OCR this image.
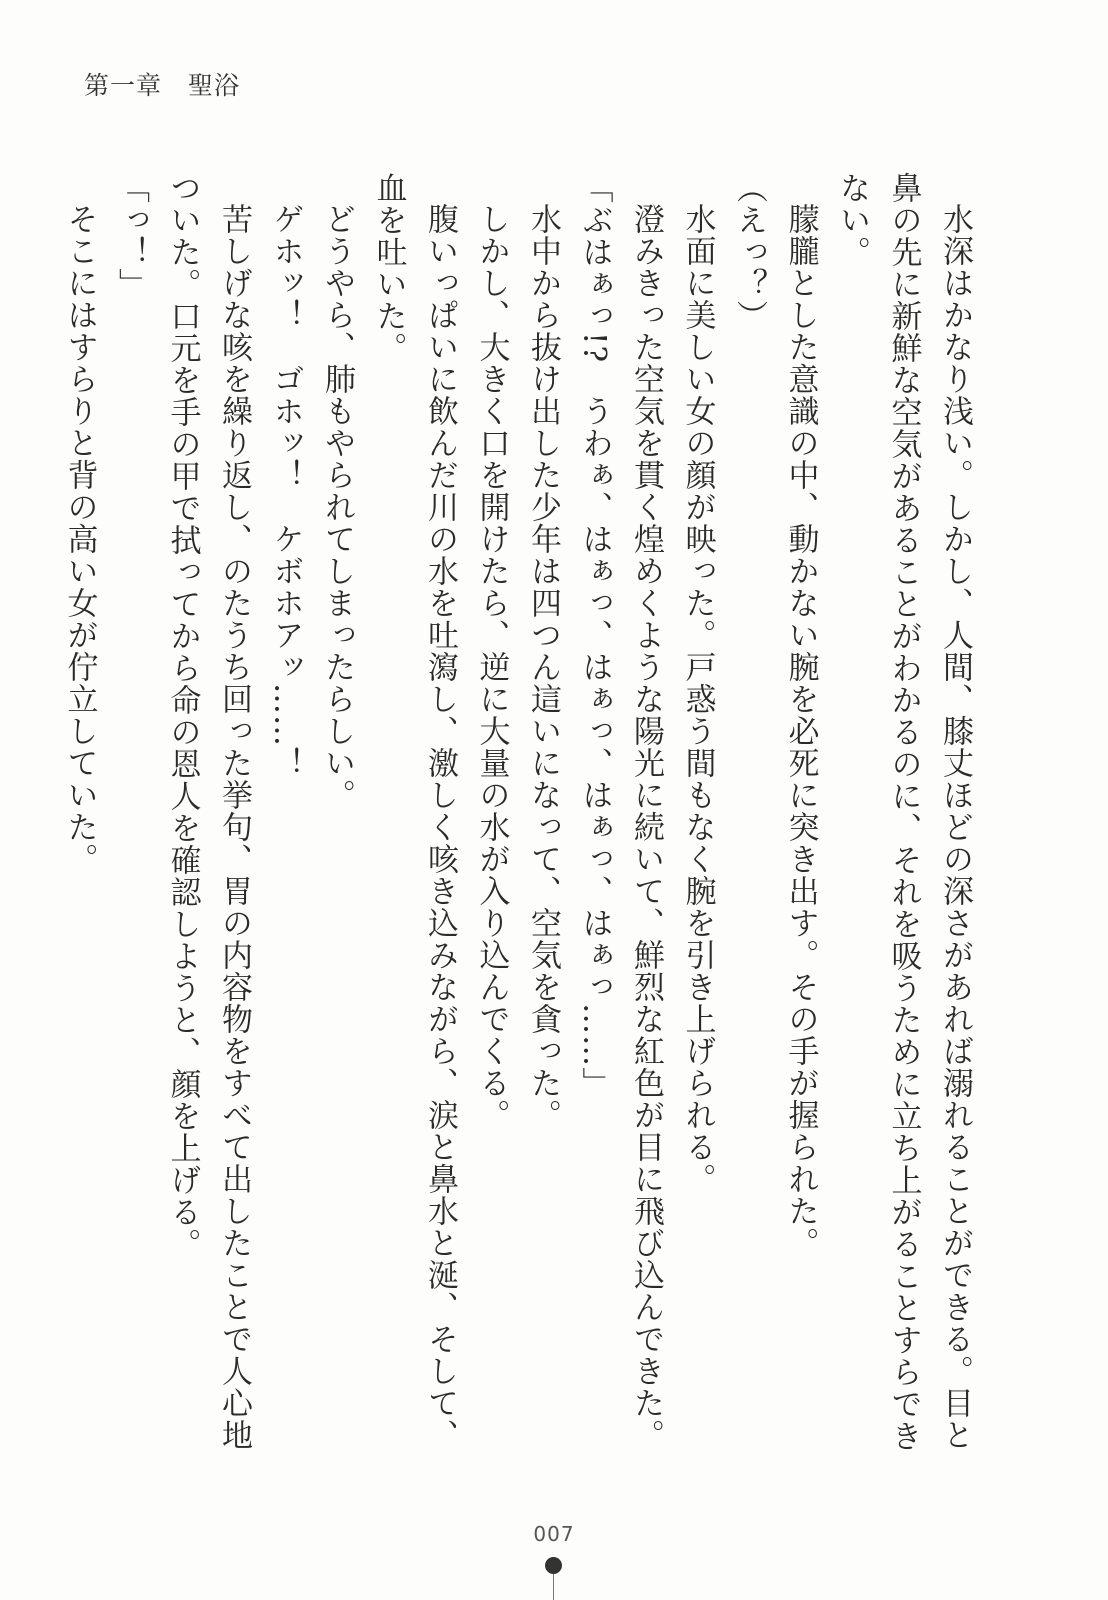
第一章　 聖浴

水深はかなり浅い。しかし、人間、膝丈ほどの深さがあれば溺れることができる。目と鼻の先に新鮮な空気があることがわかるのに、それを吸うために立ち上がることすらできない。

朦朧とした意識の中、動かない腕を必死に突き出す。その手が握られた。

（えっ？）

水面に美しい女の顔が映った。戸惑う間もなく腕を引き上げられる。

澄みきった空気を貫く煌めくような陽光に続いて、鮮烈な紅色が目に飛び込んできた。

「ぶはぁっ!?　うわぁ、はぁっ、はぁっ、はぁっ、はぁっ……」

水中から抜け出した少年は四つん這いになって、空気を貪った。

しかし、大きく口を開けたら、逆に大量の水が入り込んでくる。

腹いっぱいに飲んだ川の水を吐瀉し、激しく咳き込みながら、涙と鼻水と涎、そして、血を吐いた。

どうやら、肺もやられてしまったらしい。

ゲホッ！　ゴホッ！　ケボホアッ……！

苦しげな咳を繰り返し、のたうち回った挙句、胃の内容物をすべて出したことで人心地ついた。口元を手の甲で拭ってから命の恩人を確認しようと、顔を上げる。

「っ！」

そこにはすらりと背の高い女が佇立していた。

007
